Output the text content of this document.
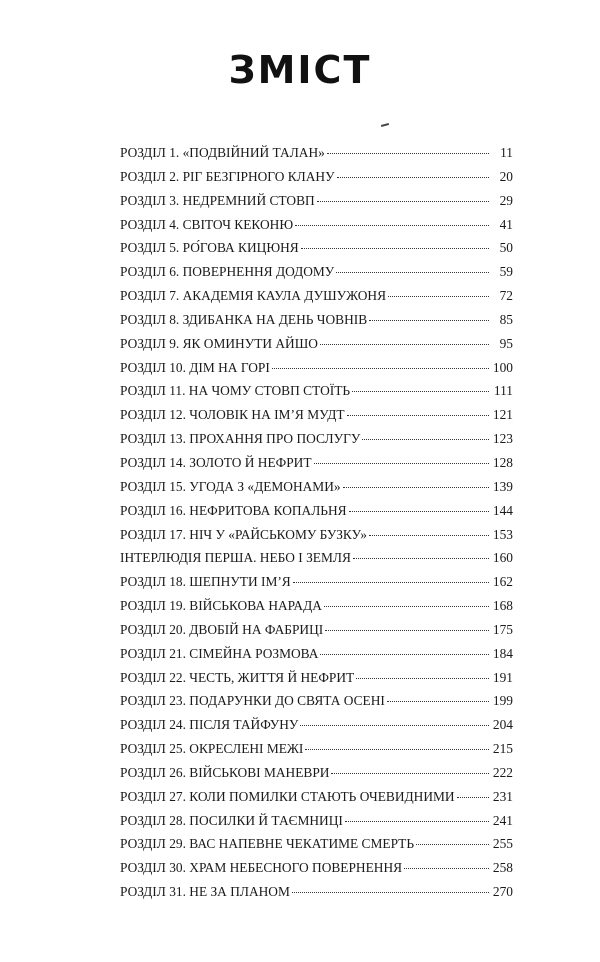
ЗМІСТ
РОЗДІЛ 1. «ПОДВІЙНИЙ ТАЛАН»	11
РОЗДІЛ 2. РІГ БЕЗГІРНОГО КЛАНУ	20
РОЗДІЛ 3. НЕДРЕМНИЙ СТОВП	29
РОЗДІЛ 4. СВІТОЧ КЕКОНЮ	41
РОЗДІЛ 5. РО́ГОВА КИЦЮНЯ	50
РОЗДІЛ 6. ПОВЕРНЕННЯ ДОДОМУ	59
РОЗДІЛ 7. АКАДЕМІЯ КАУЛА ДУШУЖОНЯ	72
РОЗДІЛ 8. ЗДИБАНКА НА ДЕНЬ ЧОВНІВ	85
РОЗДІЛ 9. ЯК ОМИНУТИ АЙШО	95
РОЗДІЛ 10. ДІМ НА ГОРІ	100
РОЗДІЛ 11. НА ЧОМУ СТОВП СТОЇТЬ	111
РОЗДІЛ 12. ЧОЛОВІК НА ІМ’Я МУДТ	121
РОЗДІЛ 13. ПРОХАННЯ ПРО ПОСЛУГУ	123
РОЗДІЛ 14. ЗОЛОТО Й НЕФРИТ	128
РОЗДІЛ 15. УГОДА З «ДЕМОНАМИ»	139
РОЗДІЛ 16. НЕФРИТОВА КОПАЛЬНЯ	144
РОЗДІЛ 17. НІЧ У «РАЙСЬКОМУ БУЗКУ»	153
ІНТЕРЛЮДІЯ ПЕРША. НЕБО І ЗЕМЛЯ	160
РОЗДІЛ 18. ШЕПНУТИ ІМ’Я	162
РОЗДІЛ 19. ВІЙСЬКОВА НАРАДА	168
РОЗДІЛ 20. ДВОБІЙ НА ФАБРИЦІ	175
РОЗДІЛ 21. СІМЕЙНА РОЗМОВА	184
РОЗДІЛ 22. ЧЕСТЬ, ЖИТТЯ Й НЕФРИТ	191
РОЗДІЛ 23. ПОДАРУНКИ ДО СВЯТА ОСЕНІ	199
РОЗДІЛ 24. ПІСЛЯ ТАЙФУНУ	204
РОЗДІЛ 25. ОКРЕСЛЕНІ МЕЖІ	215
РОЗДІЛ 26. ВІЙСЬКОВІ МАНЕВРИ	222
РОЗДІЛ 27. КОЛИ ПОМИЛКИ СТАЮТЬ ОЧЕВИДНИМИ	231
РОЗДІЛ 28. ПОСИЛКИ Й ТАЄМНИЦІ	241
РОЗДІЛ 29. ВАС НАПЕВНЕ ЧЕКАТИМЕ СМЕРТЬ	255
РОЗДІЛ 30. ХРАМ НЕБЕСНОГО ПОВЕРНЕННЯ	258
РОЗДІЛ 31. НЕ ЗА ПЛАНОМ	270
